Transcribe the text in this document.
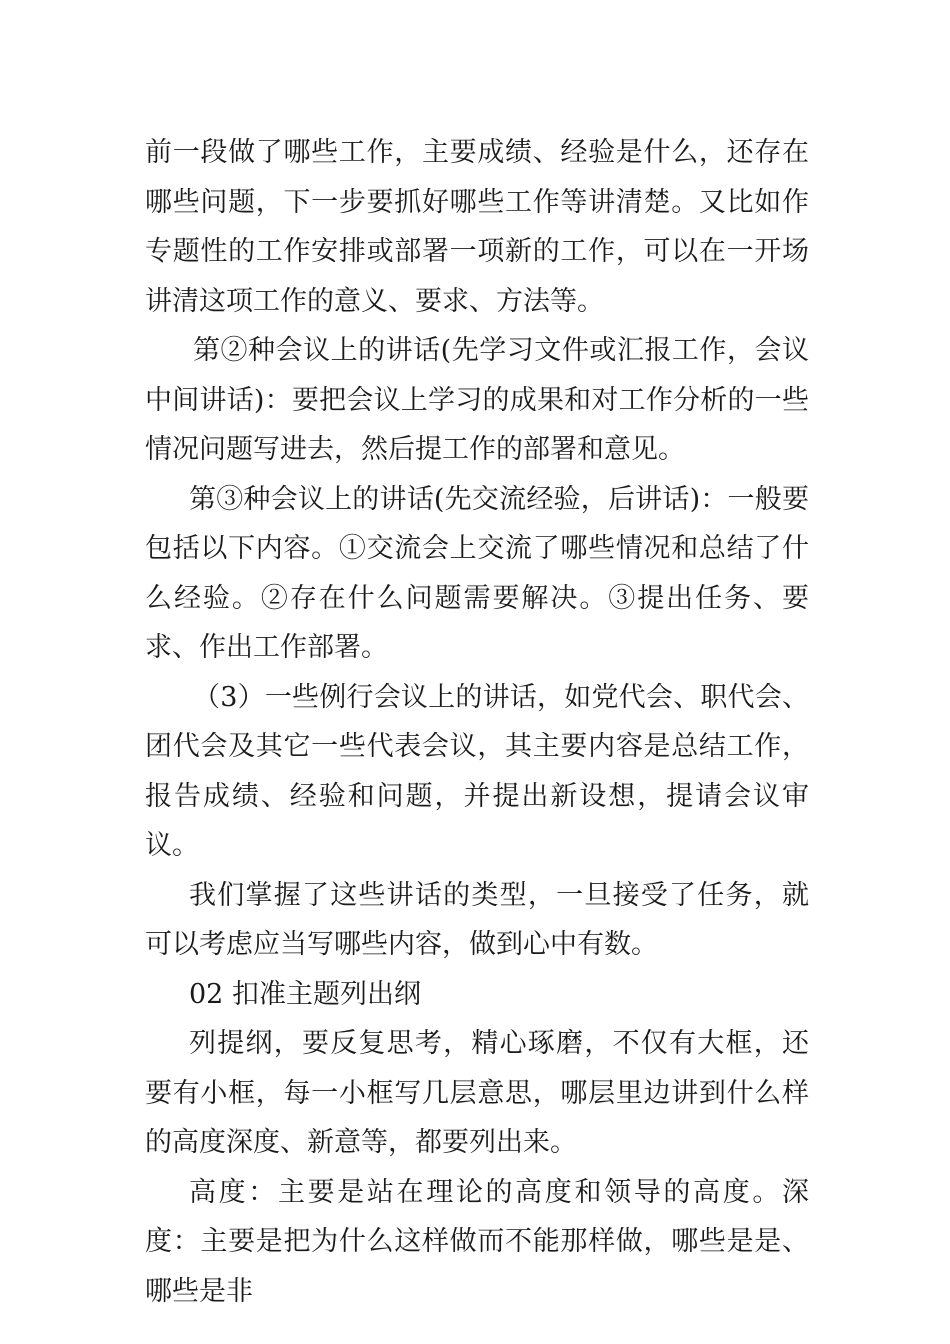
前一段做了哪些工作，主要成绩、经验是什么，还存在哪些问题，下一步要抓好哪些工作等讲清楚。又比如作专题性的工作安排或部署一项新的工作，可以在一开场讲清这项工作的意义、要求、方法等。

第②种会议上的讲话(先学习文件或汇报工作，会议中间讲话)：要把会议上学习的成果和对工作分析的一些情况问题写进去，然后提工作的部署和意见。

第③种会议上的讲话(先交流经验，后讲话)：一般要包括以下内容。①交流会上交流了哪些情况和总结了什么经验。②存在什么问题需要解决。③提出任务、要求、作出工作部署。

（3）一些例行会议上的讲话，如党代会、职代会、团代会及其它一些代表会议，其主要内容是总结工作，报告成绩、经验和问题，并提出新设想，提请会议审议。

我们掌握了这些讲话的类型，一旦接受了任务，就可以考虑应当写哪些内容，做到心中有数。

02 扣准主题列出纲

列提纲，要反复思考，精心琢磨，不仅有大框，还要有小框，每一小框写几层意思，哪层里边讲到什么样的高度深度、新意等，都要列出来。

高度：主要是站在理论的高度和领导的高度。深度：主要是把为什么这样做而不能那样做，哪些是是、哪些是非
